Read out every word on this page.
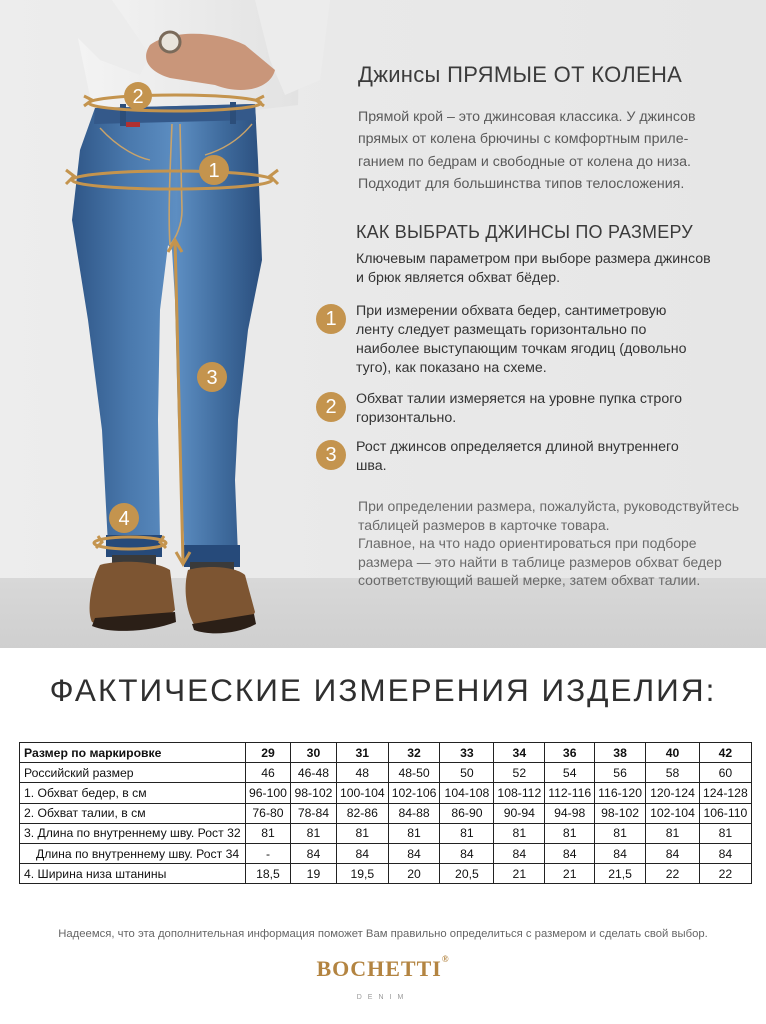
2
1
3
4
Джинсы ПРЯМЫЕ ОТ КОЛЕНА
Прямой крой – это джинсовая классика. У джинсов прямых от колена брючины с комфортным приле-ганием по бедрам и свободные от колена до низа. Подходит для большинства типов телосложения.
КАК ВЫБРАТЬ ДЖИНСЫ ПО РАЗМЕРУ
Ключевым параметром при выборе размера джинсов и брюк является обхват бёдер.
1	При измерении обхвата бедер, сантиметровую ленту следует размещать горизонтально по наиболее выступающим точкам ягодиц (довольно туго), как показано на схеме.
2	Обхват талии измеряется на уровне пупка строго горизонтально.
3	Рост джинсов определяется длиной внутреннего шва.

При определении размера, пожалуйста, руководствуйтесь таблицей размеров в карточке товара.

Главное, на что надо ориентироваться при подборе размера — это найти в таблице размеров обхват бедер соответствующий вашей мерке, затем обхват талии.

ФАКТИЧЕСКИЕ ИЗМЕРЕНИЯ ИЗДЕЛИЯ:
Размер по маркировке	29	30	31	32	33	34	36	38	40	42
Российский размер	46	46-48	48	48-50	50	52	54	56	58	60
1. Обхват бедер, в см	96-100	98-102	100-104	102-106	104-108	108-112	112-116	116-120	120-124	124-128
2. Обхват талии, в см	76-80	78-84	82-86	84-88	86-90	90-94	94-98	98-102	102-104	106-110
3. Длина по внутреннему шву. Рост 32	81	81	81	81	81	81	81	81	81	81
Длина по внутреннему шву. Рост 34	-	84	84	84	84	84	84	84	84	84
4. Ширина низа штанины	18,5	19	19,5	20	20,5	21	21	21,5	22	22
Надеемся, что эта дополнительная информация поможет Вам правильно определиться с размером и сделать свой выбор.
BOCHETTI®
DENIM
